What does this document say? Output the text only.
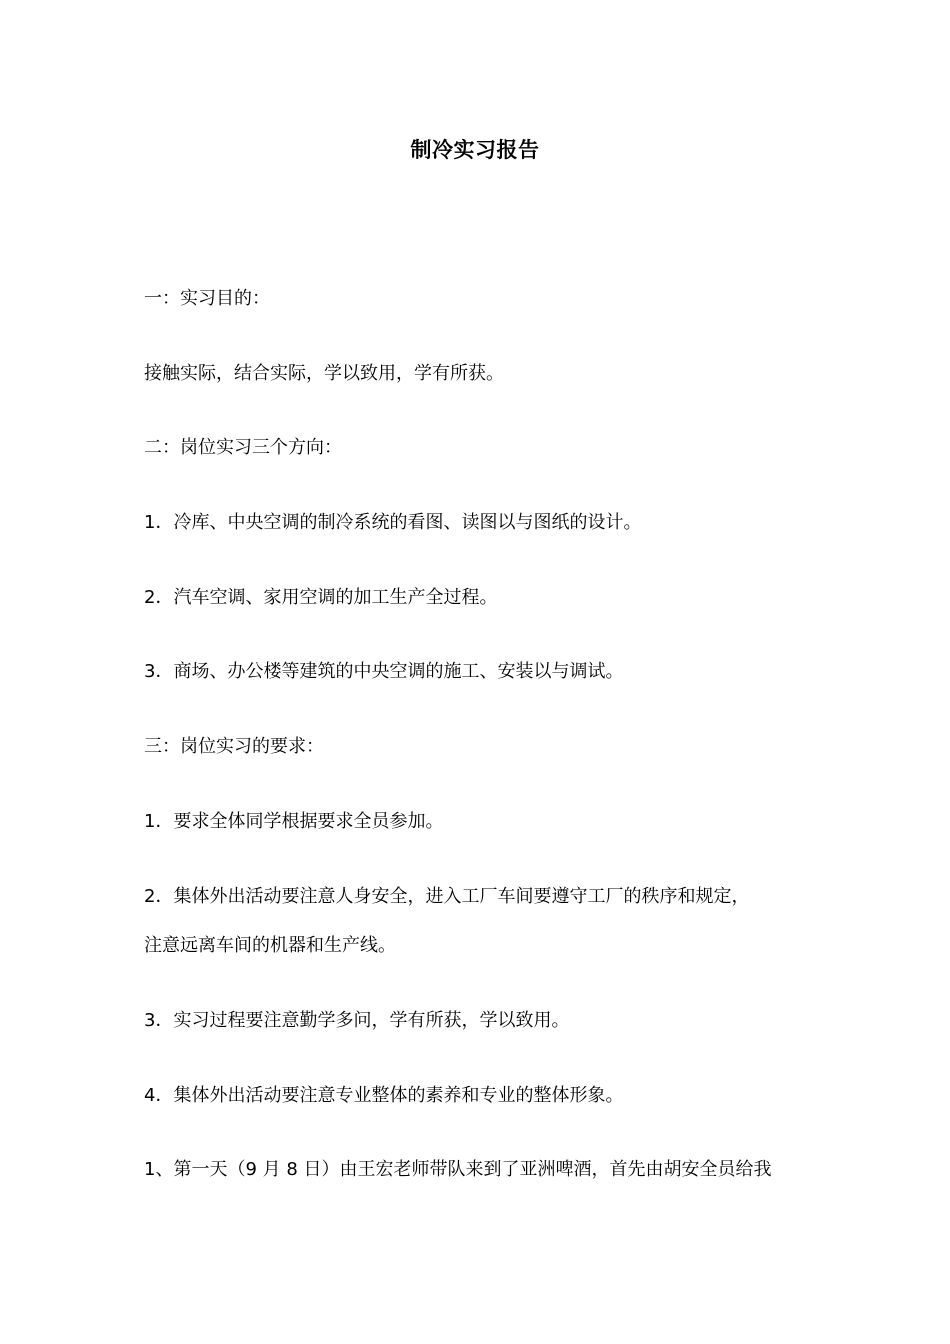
制冷实习报告
一：实习目的：
接触实际，结合实际，学以致用，学有所获。
二：岗位实习三个方向：
1．冷库、中央空调的制冷系统的看图、读图以与图纸的设计。
2．汽车空调、家用空调的加工生产全过程。
3．商场、办公楼等建筑的中央空调的施工、安装以与调试。
三：岗位实习的要求：
1．要求全体同学根据要求全员参加。
2．集体外出活动要注意人身安全，进入工厂车间要遵守工厂的秩序和规定，
注意远离车间的机器和生产线。
3．实习过程要注意勤学多问，学有所获，学以致用。
4．集体外出活动要注意专业整体的素养和专业的整体形象。
1、第一天（9 月 8 日）由王宏老师带队来到了亚洲啤酒，首先由胡安全员给我
